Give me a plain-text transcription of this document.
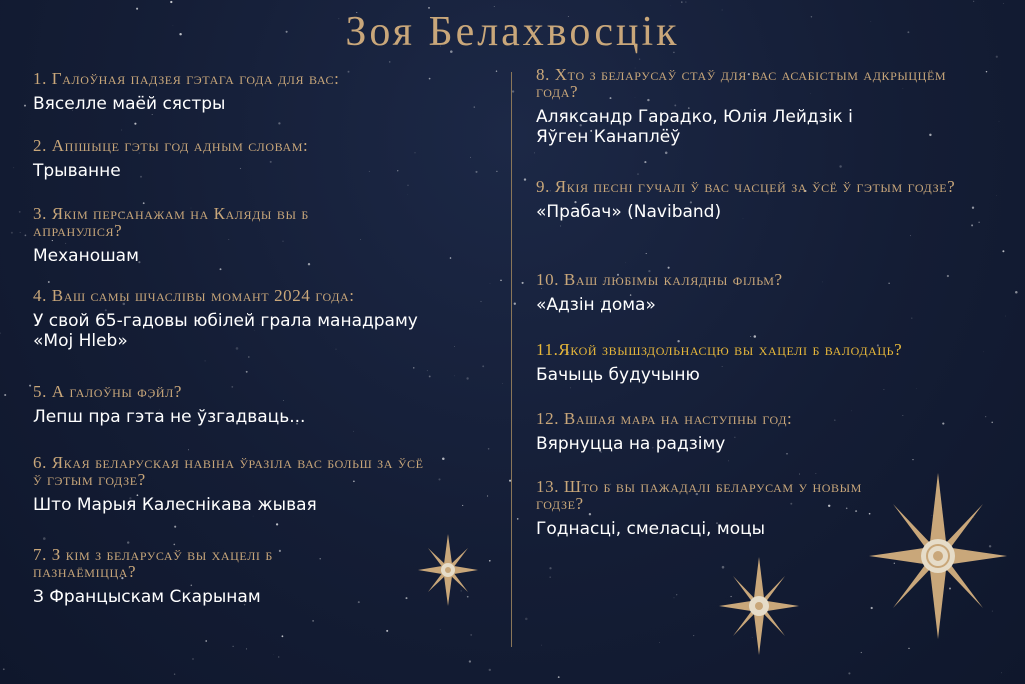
Зоя Белахвосцік
1. Галоўная падзея гэтага года для вас:
Вяселле маёй сястры
2. Апішыце гэты год адным словам:
Трыванне
3. Якім персанажам на Каляды вы б апрануліся?
Механошам
4. Ваш самы шчаслівы момант 2024 года:
У свой 65-гадовы юбілей грала манадраму «Moj Hleb»
5. А галоўны фэйл?
Лепш пра гэта не ўзгадваць...
6. Якая беларуская навіна ўразіла вас больш за ўсё ў гэтым годзе?
Што Марыя Калеснікава жывая
7. З кім з беларусаў вы хацелі б пазнаёміцца?
З Францыскам Скарынам
8. Хто з беларусаў стаў для вас асабістым адкрыццём года?
Аляксандр Гарадко, Юлія Лейдзік і Яўген Канаплёў
9. Якія песні гучалі ў вас часцей за ўсё ў гэтым годзе?
«Прабач» (Naviband)
10. Ваш любімы калядны фільм?
«Адзін дома»
11.Якой звышздольнасцю вы хацелі б валодаць?
Бачыць будучыню
12. Вашая мара на наступны год:
Вярнуцца на радзіму
13. Што б вы пажадалі беларусам у новым годзе?
Годнасці, смеласці, моцы
